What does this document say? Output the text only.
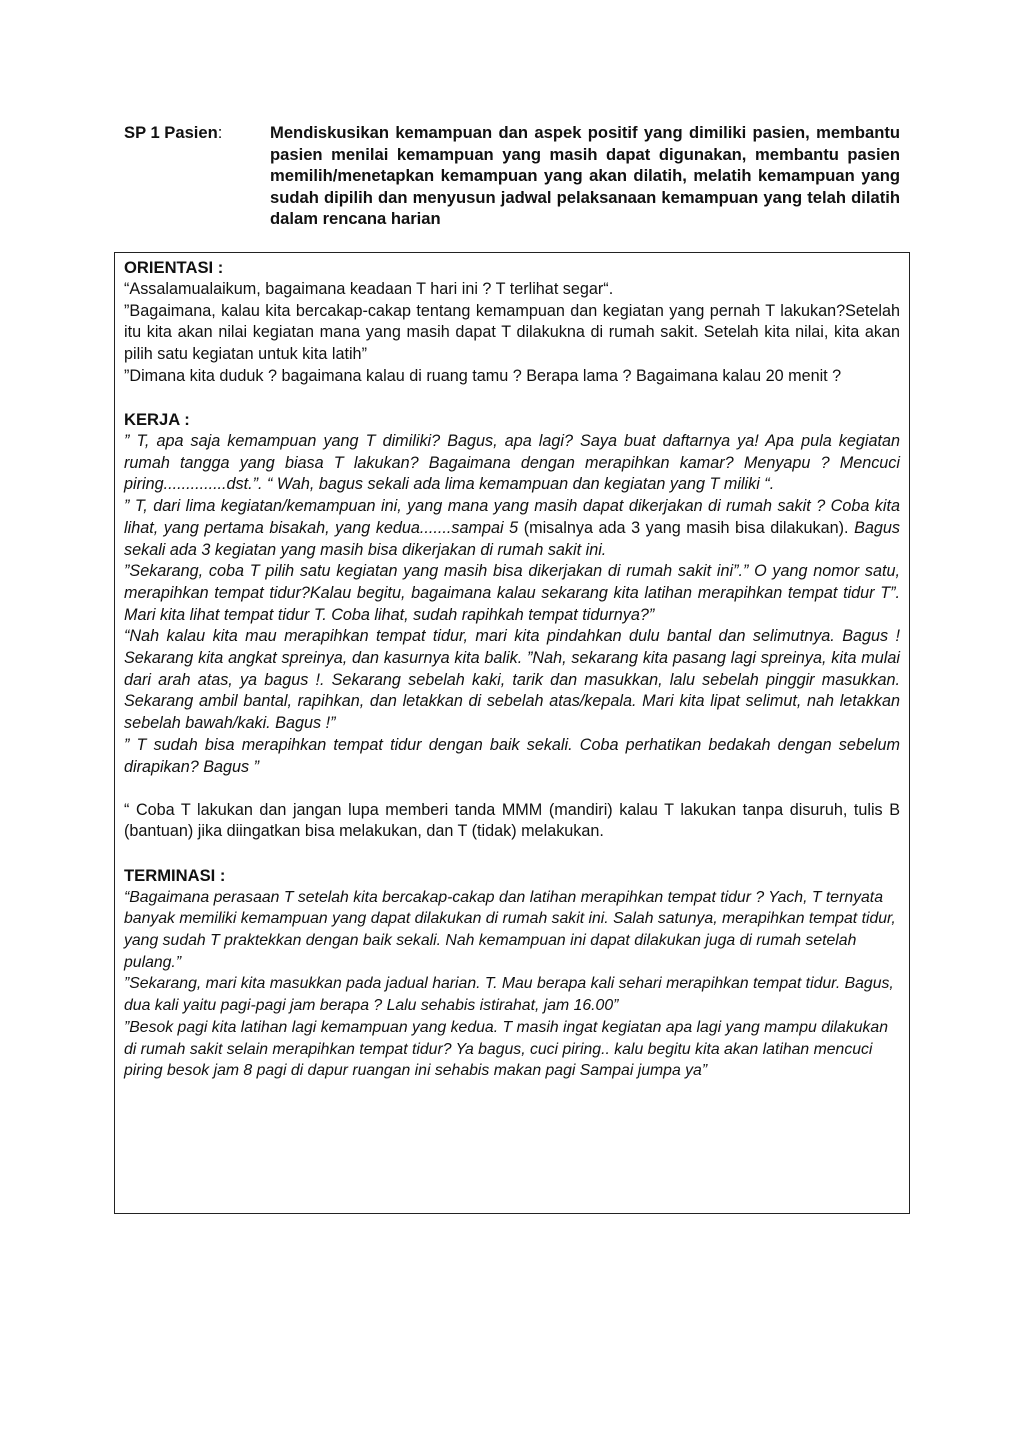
SP 1 Pasien:	Mendiskusikan kemampuan dan aspek positif yang dimiliki pasien, membantu pasien menilai kemampuan yang masih dapat digunakan, membantu pasien memilih/menetapkan kemampuan yang akan dilatih, melatih kemampuan yang sudah dipilih dan menyusun jadwal pelaksanaan kemampuan yang telah dilatih dalam rencana harian

ORIENTASI :

“Assalamualaikum, bagaimana keadaan T hari ini ? T terlihat segar“.

”Bagaimana, kalau kita bercakap-cakap tentang kemampuan dan kegiatan yang pernah T lakukan?Setelah itu kita akan nilai kegiatan mana yang masih dapat T dilakukna di rumah sakit. Setelah kita nilai, kita akan pilih satu kegiatan untuk kita latih”

”Dimana kita duduk ? bagaimana kalau di ruang tamu ? Berapa lama ? Bagaimana kalau 20 menit ?

KERJA :

” T, apa saja kemampuan yang T dimiliki? Bagus, apa lagi? Saya buat daftarnya ya! Apa pula kegiatan rumah tangga yang biasa T lakukan? Bagaimana dengan merapihkan kamar? Menyapu ? Mencuci piring..............dst.”. “ Wah, bagus sekali ada lima kemampuan dan kegiatan yang T miliki “.

” T, dari lima kegiatan/kemampuan ini, yang mana yang masih dapat dikerjakan di rumah sakit ? Coba kita lihat, yang pertama bisakah, yang kedua.......sampai 5 (misalnya ada 3 yang masih bisa dilakukan). Bagus sekali ada 3 kegiatan yang masih bisa dikerjakan di rumah sakit ini.

”Sekarang, coba T pilih satu kegiatan yang masih bisa dikerjakan di rumah sakit ini”.” O yang nomor satu, merapihkan tempat tidur?Kalau begitu, bagaimana kalau sekarang kita latihan merapihkan tempat tidur T”. Mari kita lihat tempat tidur T. Coba lihat, sudah rapihkah tempat tidurnya?”

“Nah kalau kita mau merapihkan tempat tidur, mari kita pindahkan dulu bantal dan selimutnya. Bagus ! Sekarang kita angkat spreinya, dan kasurnya kita balik. ”Nah, sekarang kita pasang lagi spreinya, kita mulai dari arah atas, ya bagus !. Sekarang sebelah kaki, tarik dan masukkan, lalu sebelah pinggir masukkan. Sekarang ambil bantal, rapihkan, dan letakkan di sebelah atas/kepala. Mari kita lipat selimut, nah letakkan sebelah bawah/kaki. Bagus !”

” T sudah bisa merapihkan tempat tidur dengan baik sekali. Coba perhatikan bedakah dengan sebelum dirapikan? Bagus ”

“ Coba T lakukan dan jangan lupa memberi tanda MMM (mandiri) kalau T lakukan tanpa disuruh, tulis B (bantuan) jika diingatkan bisa melakukan, dan T (tidak) melakukan.

TERMINASI :

“Bagaimana perasaan T setelah kita bercakap-cakap dan latihan merapihkan tempat tidur ? Yach, T ternyata banyak memiliki kemampuan yang dapat dilakukan di rumah sakit ini. Salah satunya, merapihkan tempat tidur, yang sudah T praktekkan dengan baik sekali. Nah kemampuan ini dapat dilakukan juga di rumah setelah pulang.”

”Sekarang, mari kita masukkan pada jadual harian. T. Mau berapa kali sehari merapihkan tempat tidur. Bagus, dua kali yaitu pagi-pagi jam berapa ? Lalu sehabis istirahat, jam 16.00”

”Besok pagi kita latihan lagi kemampuan yang kedua. T masih ingat kegiatan apa lagi yang mampu dilakukan di rumah sakit selain merapihkan tempat tidur? Ya bagus, cuci piring.. kalu begitu kita akan latihan mencuci piring besok jam 8 pagi di dapur ruangan ini sehabis makan pagi Sampai jumpa ya”
